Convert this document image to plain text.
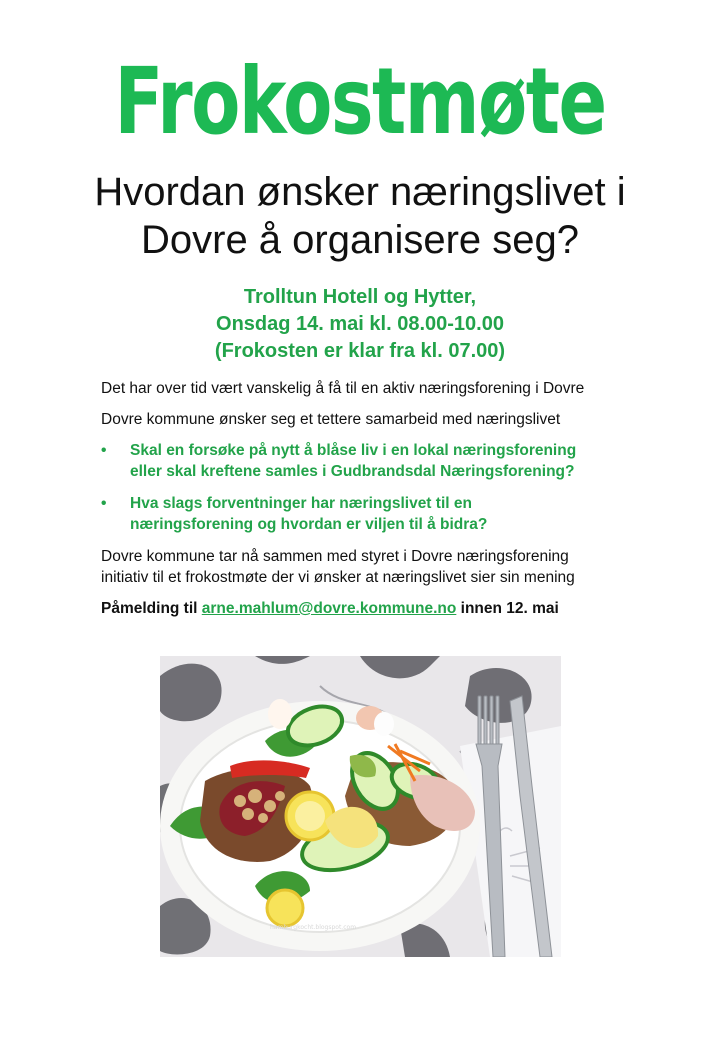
Frokostmøte
Hvordan ønsker næringslivet i
Dovre å organisere seg?
Trolltun Hotell og Hytter,
Onsdag 14. mai kl. 08.00-10.00
(Frokosten er klar fra kl. 07.00)

Det har over tid vært vanskelig å få til en aktiv næringsforening i Dovre

Dovre kommune ønsker seg et tettere samarbeid med næringslivet

• Skal en forsøke på nytt å blåse liv i en lokal næringsforening
eller skal kreftene samles i Gudbrandsdal Næringsforening?
• Hva slags forventninger har næringslivet til en
næringsforening og hvordan er viljen til å bidra?

Dovre kommune tar nå sammen med styret i Dovre næringsforening
initiativ til et frokostmøte der vi ønsker at næringslivet sier sin mening

Påmelding til arne.mahlum@dovre.kommune.no innen 12. mai

hamburgkocht.blogspot.com
